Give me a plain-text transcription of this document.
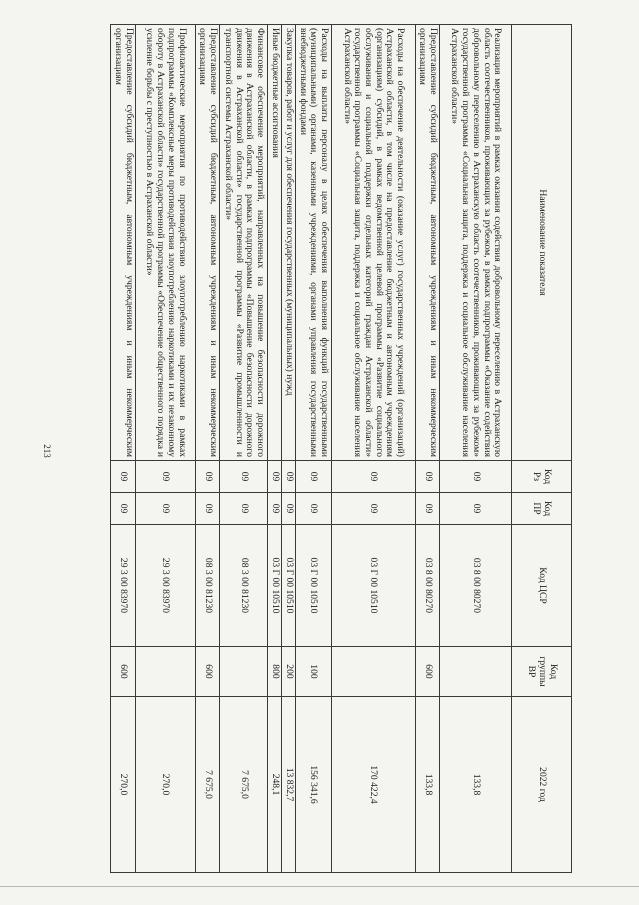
213
Наименование показателя	Код Рз	Код ПР	Код ЦСР	Код группы ВР	2022 год
Реализация мероприятий в рамках оказания содействия добровольному переселению в Астраханскую область соотечественников, проживающих за рубежом, в рамках подпрограммы «Оказание содействия добровольному переселению в Астраханскую область соотечественников, проживающих за рубежом» государственной программы «Социальная защита, поддержка и социальное обслуживание населения Астраханской области»	09	09	03 8 00 80270		133,8
Предоставление субсидий бюджетным, автономным учреждениям и иным некоммерческим организациям	09	09	03 8 00 80270	600	133,8
Расходы на обеспечение деятельности (оказание услуг) государственных учреждений (организаций) Астраханской области, в том числе на предоставление бюджетным и автономным учреждениям (организациям) субсидий, в рамках ведомственной целевой программы «Развитие социального обслуживания и социальной поддержки отдельных категорий граждан Астраханской области» государственной программы «Социальная защита, поддержка и социальное обслуживание населения Астраханской области»	09	09	03 Г 00 10510		170 422,4
Расходы на выплаты персоналу в целях обеспечения выполнения функций государственными (муниципальными) органами, казенными учреждениями, органами управления государственными внебюджетными фондами	09	09	03 Г 00 10510	100	156 341,6
Закупка товаров, работ и услуг для обеспечения государственных (муниципальных) нужд	09	09	03 Г 00 10510	200	13 832,7
Иные бюджетные ассигнования	09	09	03 Г 00 10510	800	248,1
Финансовое обеспечение мероприятий, направленных на повышение безопасности дорожного движения в Астраханской области, в рамках подпрограммы «Повышение безопасности дорожного движения в Астраханской области» государственной программы «Развитие промышленности и транспортной системы Астраханской области»	09	09	08 3 00 81230		7 675,0
Предоставление субсидий бюджетным, автономным учреждениям и иным некоммерческим организациям	09	09	08 3 00 81230	600	7 675,0
Профилактические мероприятия по противодействию злоупотреблению наркотиками в рамках подпрограммы «Комплексные меры противодействия злоупотреблению наркотиками и их незаконному обороту в Астраханской области» государственной программы «Обеспечение общественного порядка и усиление борьбы с преступностью в Астраханской области»	09	09	29 3 00 83970		270,0
Предоставление субсидий бюджетным, автономным учреждениям и иным некоммерческим организациям	09	09	29 3 00 83970	600	270,0
